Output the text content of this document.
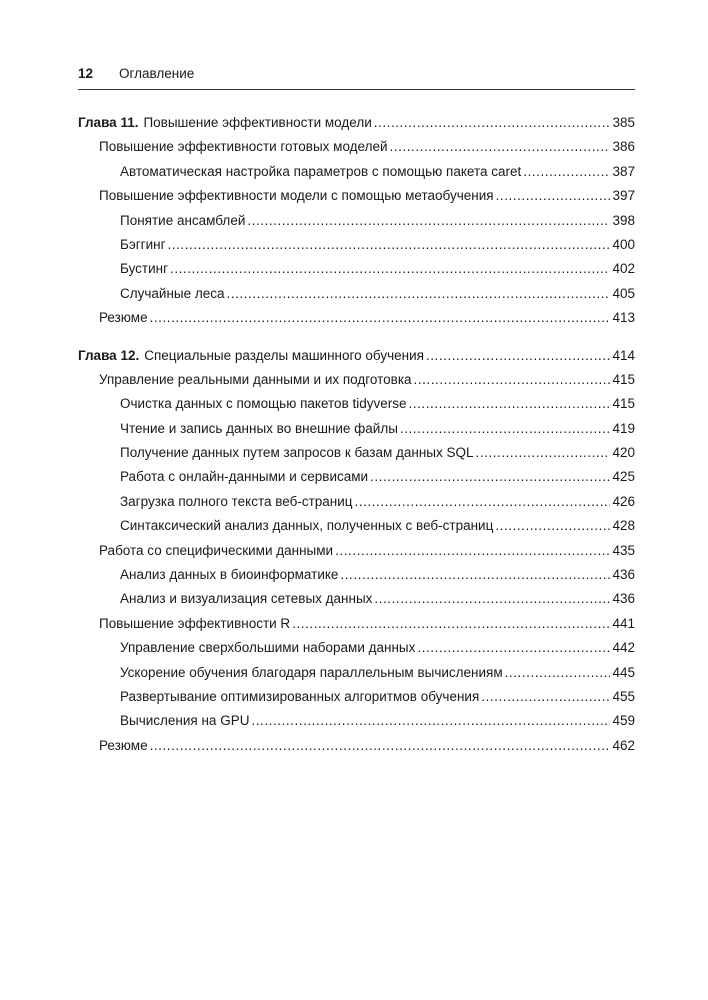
12	Оглавление
Глава 11. Повышение эффективности модели . . .	385
Повышение эффективности готовых моделей . . .	386
Автоматическая настройка параметров с помощью пакета caret . . .	387
Повышение эффективности модели с помощью метаобучения . . .	397
Понятие ансамблей . . .	398
Бэггинг . . .	400
Бустинг . . .	402
Случайные леса . . .	405
Резюме . . .	413
Глава 12. Специальные разделы машинного обучения . . .	414
Управление реальными данными и их подготовка . . .	415
Очистка данных с помощью пакетов tidyverse . . .	415
Чтение и запись данных во внешние файлы . . .	419
Получение данных путем запросов к базам данных SQL . . .	420
Работа с онлайн-данными и сервисами . . .	425
Загрузка полного текста веб-страниц . . .	426
Синтаксический анализ данных, полученных с веб-страниц . . .	428
Работа со специфическими данными . . .	435
Анализ данных в биоинформатике . . .	436
Анализ и визуализация сетевых данных . . .	436
Повышение эффективности R . . .	441
Управление сверхбольшими наборами данных . . .	442
Ускорение обучения благодаря параллельным вычислениям . . .	445
Развертывание оптимизированных алгоритмов обучения . . .	455
Вычисления на GPU . . .	459
Резюме . . .	462
